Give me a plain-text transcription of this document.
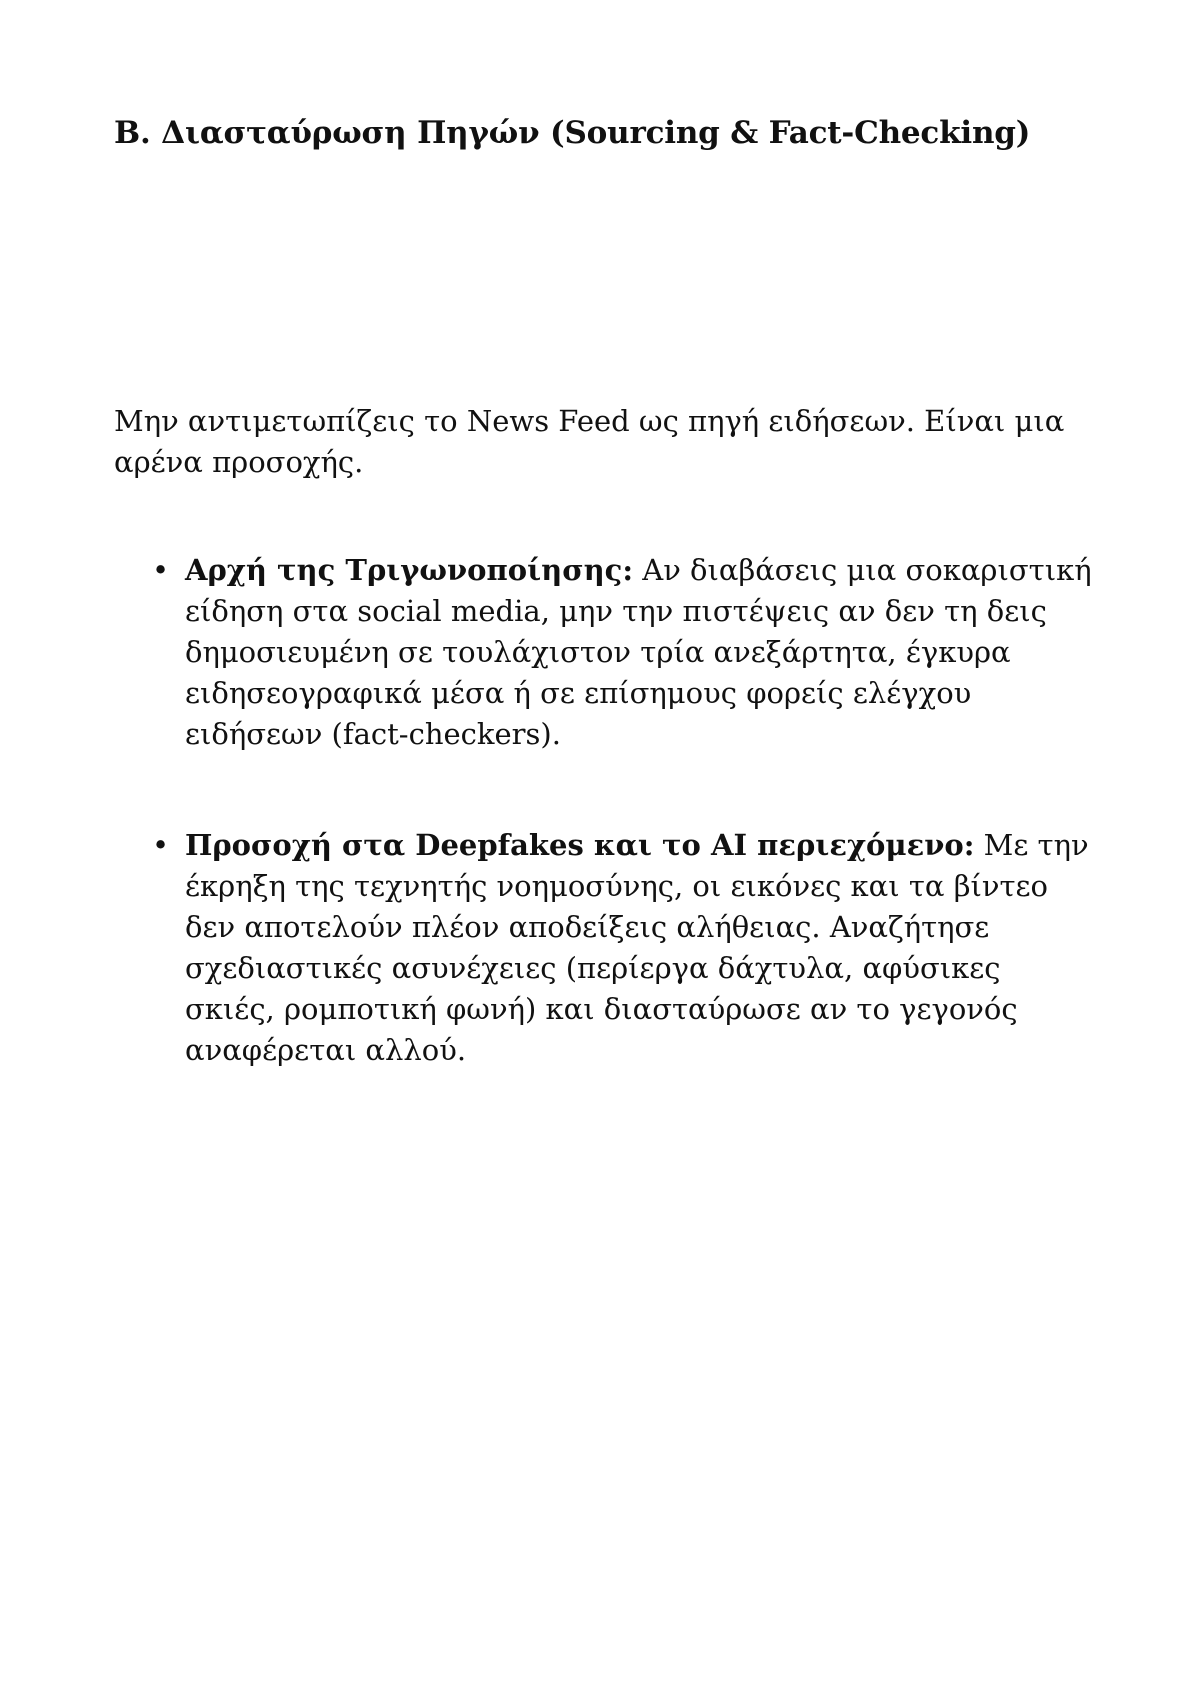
Β. Διασταύρωση Πηγών (Sourcing & Fact-Checking)

Μην αντιμετωπίζεις το News Feed ως πηγή ειδήσεων. Είναι μια αρένα προσοχής.

• Αρχή της Τριγωνοποίησης: Αν διαβάσεις μια σοκαριστική είδηση στα social media, μην την πιστέψεις αν δεν τη δεις δημοσιευμένη σε τουλάχιστον τρία ανεξάρτητα, έγκυρα ειδησεογραφικά μέσα ή σε επίσημους φορείς ελέγχου ειδήσεων (fact-checkers).
• Προσοχή στα Deepfakes και το AI περιεχόμενο: Με την έκρηξη της τεχνητής νοημοσύνης, οι εικόνες και τα βίντεο δεν αποτελούν πλέον αποδείξεις αλήθειας. Αναζήτησε σχεδιαστικές ασυνέχειες (περίεργα δάχτυλα, αφύσικες σκιές, ρομποτική φωνή) και διασταύρωσε αν το γεγονός αναφέρεται αλλού.
